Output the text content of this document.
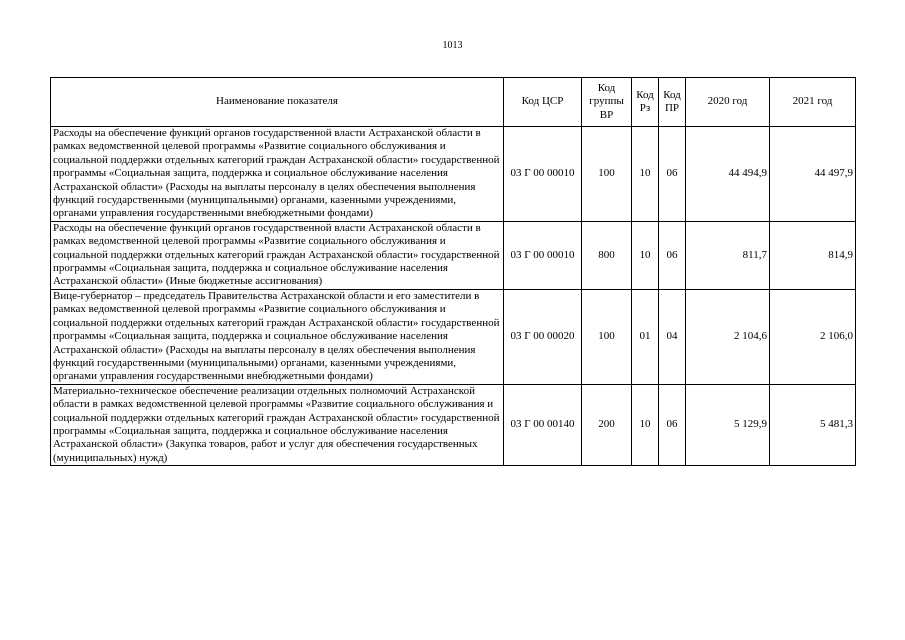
1013
Наименование показателя	Код ЦСР	Код группы ВР	Код Рз	Код ПР	2020 год	2021 год
Расходы на обеспечение функций органов государственной власти Астраханской области в рамках ведомственной целевой программы «Развитие социального обслуживания и социальной поддержки отдельных категорий граждан Астраханской области» государственной программы «Социальная защита, поддержка и социальное обслуживание населения Астраханской области» (Расходы на выплаты персоналу в целях обеспечения выполнения функций государственными (муниципальными) органами, казенными учреждениями, органами управления государственными внебюджетными фондами)	03 Г 00 00010	100	10	06	44 494,9	44 497,9
Расходы на обеспечение функций органов государственной власти Астраханской области в рамках ведомственной целевой программы «Развитие социального обслуживания и социальной поддержки отдельных категорий граждан Астраханской области» государственной программы «Социальная защита, поддержка и социальное обслуживание населения Астраханской области» (Иные бюджетные ассигнования)	03 Г 00 00010	800	10	06	811,7	814,9
Вице-губернатор – председатель Правительства Астраханской области и его заместители в рамках ведомственной целевой программы «Развитие социального обслуживания и социальной поддержки отдельных категорий граждан Астраханской области» государственной программы «Социальная защита, поддержка и социальное обслуживание населения Астраханской области» (Расходы на выплаты персоналу в целях обеспечения выполнения функций государственными (муниципальными) органами, казенными учреждениями, органами управления государственными внебюджетными фондами)	03 Г 00 00020	100	01	04	2 104,6	2 106,0
Материально-техническое обеспечение реализации отдельных полномочий Астраханской области в рамках ведомственной целевой программы «Развитие социального обслуживания и социальной поддержки отдельных категорий граждан Астраханской области» государственной программы «Социальная защита, поддержка и социальное обслуживание населения Астраханской области» (Закупка товаров, работ и услуг для обеспечения государственных (муниципальных) нужд)	03 Г 00 00140	200	10	06	5 129,9	5 481,3
